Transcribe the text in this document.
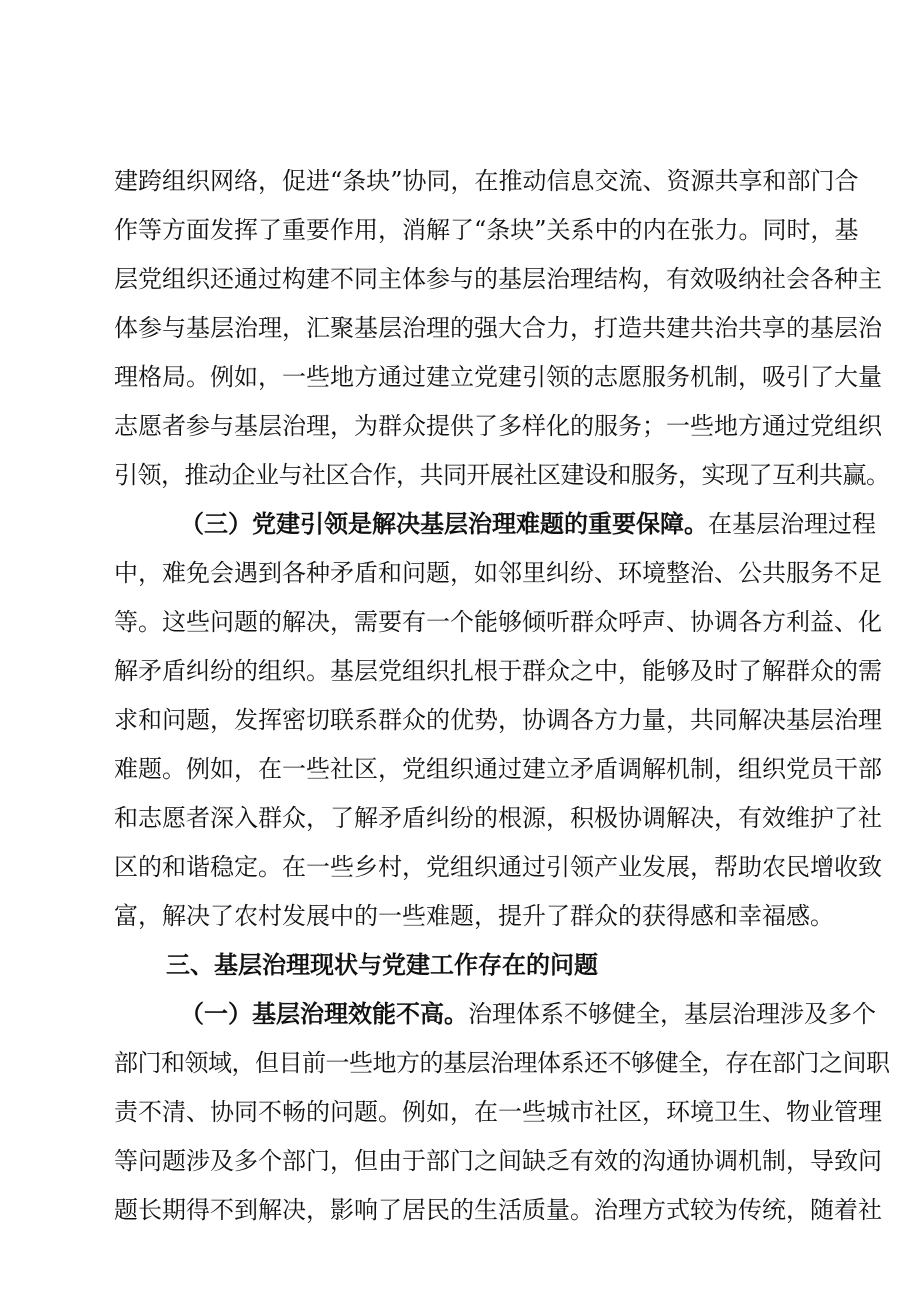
建跨组织网络，促进“条块”协同，在推动信息交流、资源共享和部门合
作等方面发挥了重要作用，消解了“条块”关系中的内在张力。同时，基
层党组织还通过构建不同主体参与的基层治理结构，有效吸纳社会各种主
体参与基层治理，汇聚基层治理的强大合力，打造共建共治共享的基层治
理格局。例如，一些地方通过建立党建引领的志愿服务机制，吸引了大量
志愿者参与基层治理，为群众提供了多样化的服务；一些地方通过党组织
引领，推动企业与社区合作，共同开展社区建设和服务，实现了互利共赢。
（三）党建引领是解决基层治理难题的重要保障。在基层治理过程
中，难免会遇到各种矛盾和问题，如邻里纠纷、环境整治、公共服务不足
等。这些问题的解决，需要有一个能够倾听群众呼声、协调各方利益、化
解矛盾纠纷的组织。基层党组织扎根于群众之中，能够及时了解群众的需
求和问题，发挥密切联系群众的优势，协调各方力量，共同解决基层治理
难题。例如，在一些社区，党组织通过建立矛盾调解机制，组织党员干部
和志愿者深入群众，了解矛盾纠纷的根源，积极协调解决，有效维护了社
区的和谐稳定。在一些乡村，党组织通过引领产业发展，帮助农民增收致
富，解决了农村发展中的一些难题，提升了群众的获得感和幸福感。
三、基层治理现状与党建工作存在的问题
（一）基层治理效能不高。治理体系不够健全，基层治理涉及多个
部门和领域，但目前一些地方的基层治理体系还不够健全，存在部门之间职
责不清、协同不畅的问题。例如，在一些城市社区，环境卫生、物业管理
等问题涉及多个部门，但由于部门之间缺乏有效的沟通协调机制，导致问
题长期得不到解决，影响了居民的生活质量。治理方式较为传统，随着社
